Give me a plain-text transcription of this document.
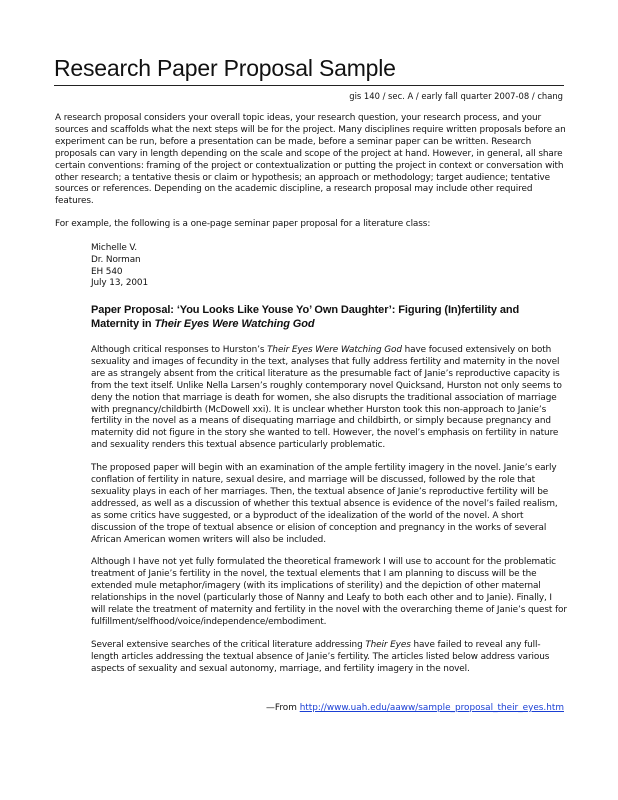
Research Paper Proposal Sample
gis 140 / sec. A / early fall quarter 2007-08 / chang

A research proposal considers your overall topic ideas, your research question, your research process, and your sources and scaffolds what the next steps will be for the project. Many disciplines require written proposals before an experiment can be run, before a presentation can be made, before a seminar paper can be written. Research proposals can vary in length depending on the scale and scope of the project at hand. However, in general, all share certain conventions: framing of the project or contextualization or putting the project in context or conversation with other research; a tentative thesis or claim or hypothesis; an approach or methodology; target audience; tentative sources or references. Depending on the academic discipline, a research proposal may include other required features.

For example, the following is a one-page seminar paper proposal for a literature class:

Michelle V.
Dr. Norman
EH 540
July 13, 2001
Paper Proposal: ‘You Looks Like Youse Yo’ Own Daughter’: Figuring (In)fertility and Maternity in Their Eyes Were Watching God

Although critical responses to Hurston’s Their Eyes Were Watching God have focused extensively on both sexuality and images of fecundity in the text, analyses that fully address fertility and maternity in the novel are as strangely absent from the critical literature as the presumable fact of Janie’s reproductive capacity is from the text itself. Unlike Nella Larsen’s roughly contemporary novel Quicksand, Hurston not only seems to deny the notion that marriage is death for women, she also disrupts the traditional association of marriage with pregnancy/childbirth (McDowell xxi). It is unclear whether Hurston took this non-approach to Janie’s fertility in the novel as a means of disequating marriage and childbirth, or simply because pregnancy and maternity did not figure in the story she wanted to tell. However, the novel’s emphasis on fertility in nature and sexuality renders this textual absence particularly problematic.

The proposed paper will begin with an examination of the ample fertility imagery in the novel. Janie’s early conflation of fertility in nature, sexual desire, and marriage will be discussed, followed by the role that sexuality plays in each of her marriages. Then, the textual absence of Janie’s reproductive fertility will be addressed, as well as a discussion of whether this textual absence is evidence of the novel’s failed realism, as some critics have suggested, or a byproduct of the idealization of the world of the novel. A short discussion of the trope of textual absence or elision of conception and pregnancy in the works of several African American women writers will also be included.

Although I have not yet fully formulated the theoretical framework I will use to account for the problematic treatment of Janie’s fertility in the novel, the textual elements that I am planning to discuss will be the extended mule metaphor/imagery (with its implications of sterility) and the depiction of other maternal relationships in the novel (particularly those of Nanny and Leafy to both each other and to Janie). Finally, I will relate the treatment of maternity and fertility in the novel with the overarching theme of Janie’s quest for fulfillment/selfhood/voice/independence/embodiment.

Several extensive searches of the critical literature addressing Their Eyes have failed to reveal any full-length articles addressing the textual absence of Janie’s fertility. The articles listed below address various aspects of sexuality and sexual autonomy, marriage, and fertility imagery in the novel.

—From http://www.uah.edu/aaww/sample_proposal_their_eyes.htm
